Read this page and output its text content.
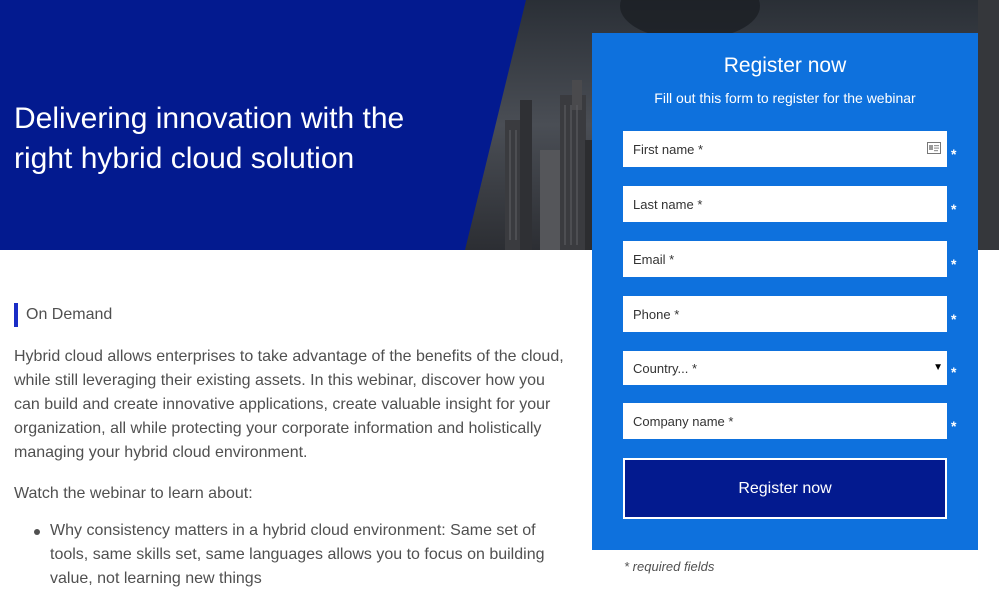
Delivering innovation with the right hybrid cloud solution
On Demand

Hybrid cloud allows enterprises to take advantage of the benefits of the cloud, while still leveraging their existing assets. In this webinar, discover how you can build and create innovative applications, create valuable insight for your organization, all while protecting your corporate information and holistically managing your hybrid cloud environment.

Watch the webinar to learn about:

Why consistency matters in a hybrid cloud environment: Same set of tools, same skills set, same languages allows you to focus on building value, not learning new things
Register now
Fill out this form to register for the webinar
First name *	*
Last name *	*
Email *	*
Phone *	*
Country... *	▼ *
Company name *	*
Register now
* required fields
